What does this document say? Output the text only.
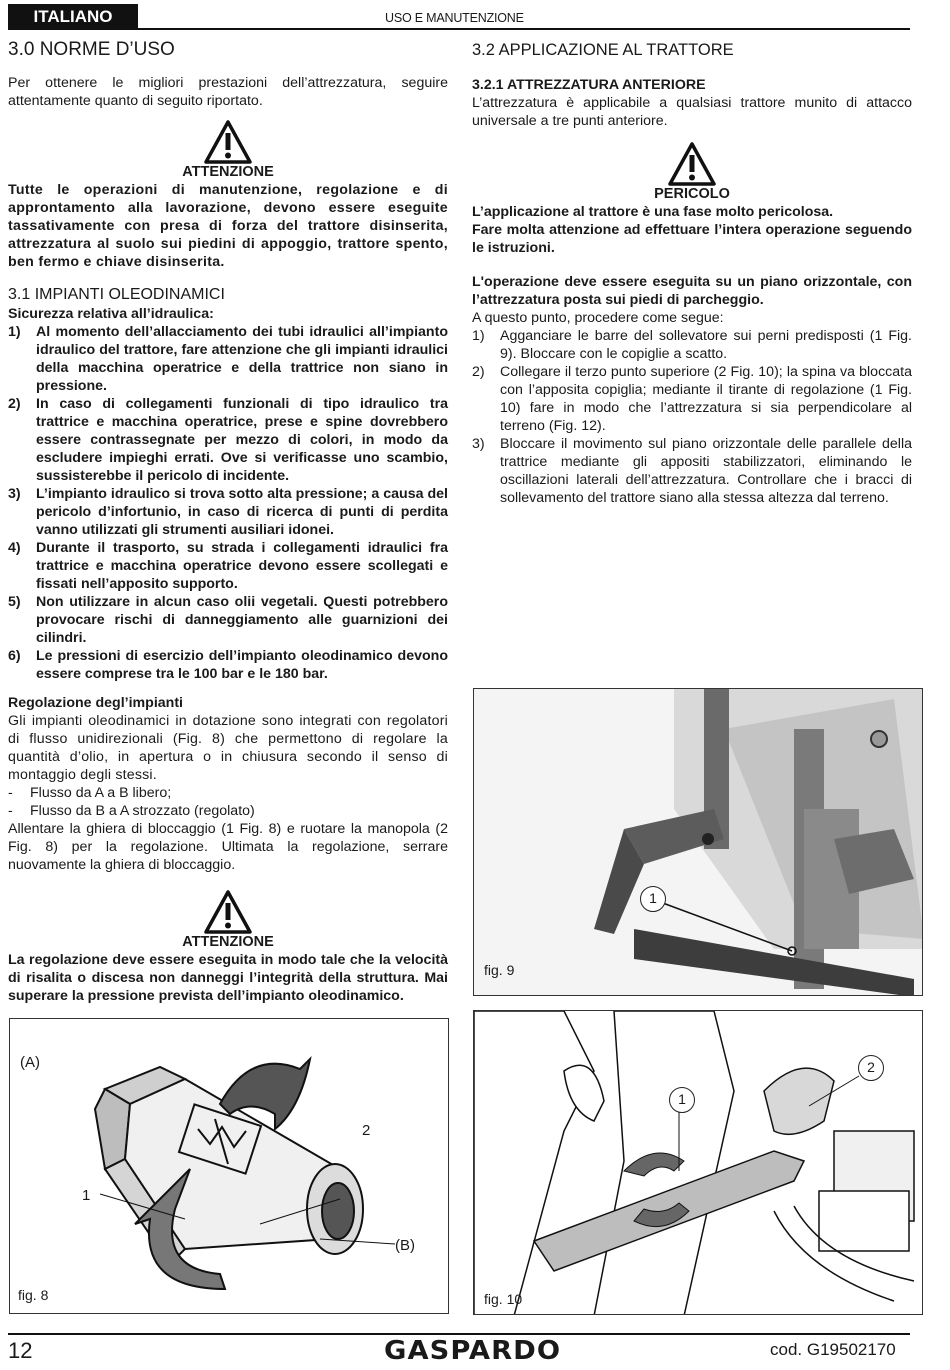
ITALIANO	USO E MANUTENZIONE
3.0 NORME D’USO

Per ottenere le migliori prestazioni dell’attrezzatura, seguire attentamente quanto di seguito riportato.

ATTENZIONE

Tutte le operazioni di manutenzione, regolazione e di approntamento alla lavorazione, devono essere eseguite tassativamente con presa di forza del trattore disinserita, attrezzatura al suolo sui piedini di appoggio, trattore spento, ben fermo e chiave disinserita.

3.1 IMPIANTI OLEODINAMICI

Sicurezza relativa all’idraulica:

1)	Al momento dell’allacciamento dei tubi idraulici all’impianto idraulico del trattore, fare attenzione che gli impianti idraulici della macchina operatrice e della trattrice non siano in pressione.
2)	In caso di collegamenti funzionali di tipo idraulico tra trattrice e macchina operatrice, prese e spine dovrebbero essere contrassegnate per mezzo di colori, in modo da escludere impieghi errati. Ove si verificasse uno scambio, sussisterebbe il pericolo di incidente.
3)	L’impianto idraulico si trova sotto alta pressione; a causa del pericolo d’infortunio, in caso di ricerca di punti di perdita vanno utilizzati gli strumenti ausiliari idonei.
4)	Durante il trasporto, su strada i collegamenti idraulici fra trattrice e macchina operatrice devono essere scollegati e fissati nell’apposito supporto.
5)	Non utilizzare in alcun caso olii vegetali. Questi potrebbero provocare rischi di danneggiamento alle guarnizioni dei cilindri.
6)	Le pressioni di esercizio dell’impianto oleodinamico devono essere comprese tra le 100 bar e le 180 bar.

Regolazione degl’impianti

Gli impianti oleodinamici in dotazione sono integrati con regolatori di flusso unidirezionali (Fig. 8) che permettono di regolare la quantità d’olio, in apertura o in chiusura secondo il senso di montaggio degli stessi.

-	Flusso da A a B libero;
-	Flusso da B a A strozzato (regolato)

Allentare la ghiera di bloccaggio (1 Fig. 8) e ruotare la manopola (2 Fig. 8) per la regolazione. Ultimata la regolazione, serrare nuovamente la ghiera di bloccaggio.

ATTENZIONE

La regolazione deve essere eseguita in modo tale che la velocità di risalita o discesa non danneggi l’integrità della struttura. Mai superare la pressione prevista dell’impianto oleodinamico.

(A)
2
1
(B)
fig. 8
3.2 APPLICAZIONE AL TRATTORE

3.2.1 ATTREZZATURA ANTERIORE

L’attrezzatura è applicabile a qualsiasi trattore munito di attacco universale a tre punti anteriore.

PERICOLO

L’applicazione al trattore è una fase molto pericolosa.

Fare molta attenzione ad effettuare l’intera operazione seguendo le istruzioni.

L'operazione deve essere eseguita su un piano orizzontale, con l’attrezzatura posta sui piedi di parcheggio.

A questo punto, procedere come segue:

1)	Agganciare le barre del sollevatore sui perni predisposti (1 Fig. 9). Bloccare con le copiglie a scatto.
2)	Collegare il terzo punto superiore (2 Fig. 10); la spina va bloccata con l’apposita copiglia; mediante il tirante di regolazione (1 Fig. 10) fare in modo che l’attrezzatura si sia perpendicolare al terreno (Fig. 12).
3)	Bloccare il movimento sul piano orizzontale delle parallele della trattrice mediante gli appositi stabilizzatori, eliminando le oscillazioni laterali dell’attrezzatura. Controllare che i bracci di sollevamento del trattore siano alla stessa altezza dal terreno.
1
fig. 9
1
2
fig. 10
12	GASPARDO	cod. G19502170
